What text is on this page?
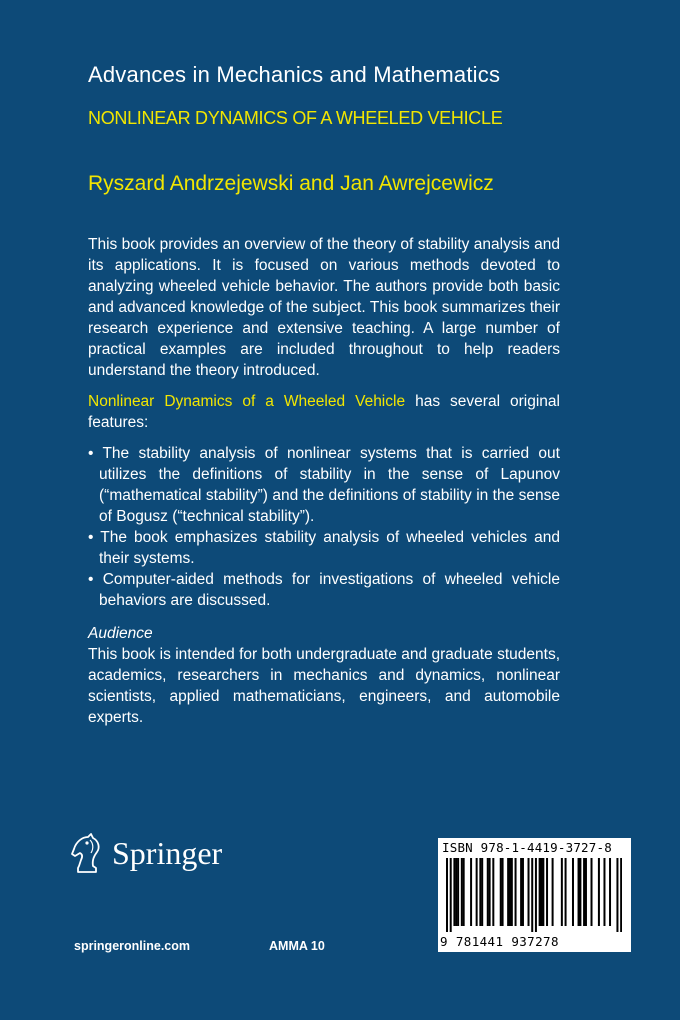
Advances in Mechanics and Mathematics
NONLINEAR DYNAMICS OF A WHEELED VEHICLE
Ryszard Andrzejewski and Jan Awrejcewicz

This book provides an overview of the theory of stability analysis and its applications. It is focused on various methods devoted to analyzing wheeled vehicle behavior. The authors provide both basic and advanced knowledge of the subject. This book summarizes their research experience and extensive teaching. A large number of practical examples are included throughout to help readers understand the theory introduced.

Nonlinear Dynamics of a Wheeled Vehicle has several original features:

• The stability analysis of nonlinear systems that is carried out utilizes the definitions of stability in the sense of Lapunov (“mathematical stability”) and the definitions of stability in the sense of Bogusz (“technical stability”).
• The book emphasizes stability analysis of wheeled vehicles and their systems.
• Computer-aided methods for investigations of wheeled vehicle behaviors are discussed.

Audience

This book is intended for both undergraduate and graduate students, academics, researchers in mechanics and dynamics, nonlinear scientists, applied mathematicians, engineers, and automobile experts.

Springer
springeronline.com	AMMA 10
ISBN 978-1-4419-3727-8
9 781441 937278
